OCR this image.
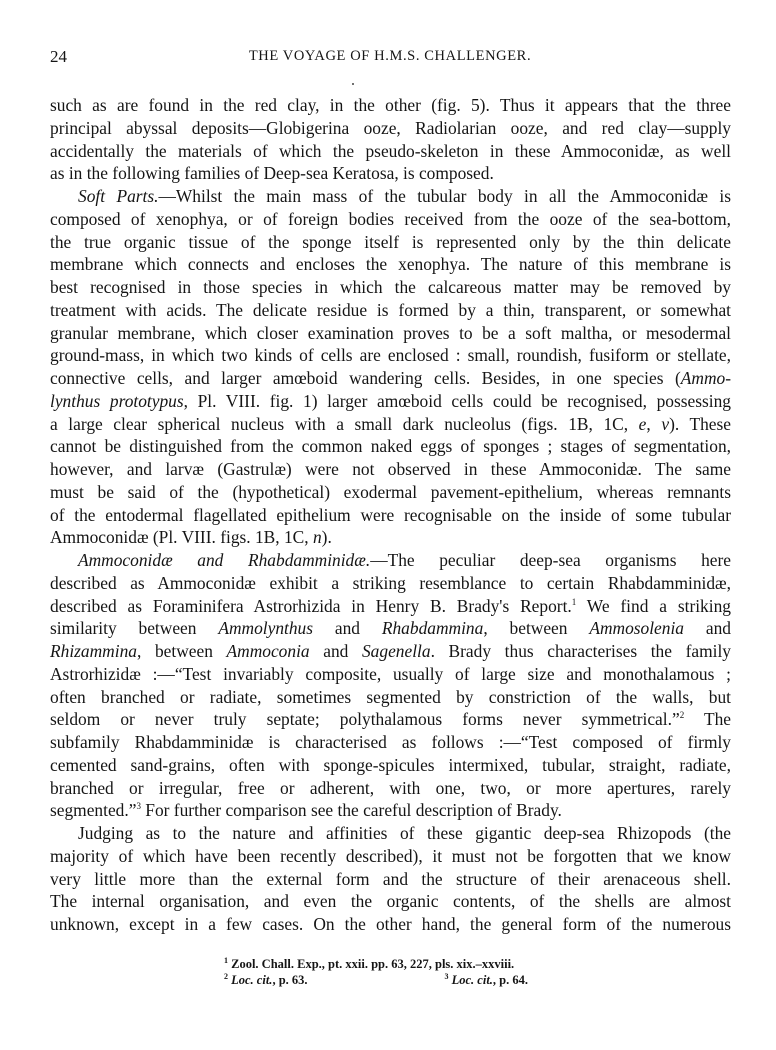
24	THE VOYAGE OF H.M.S. CHALLENGER.
such as are found in the red clay, in the other (fig. 5). Thus it appears that the three
principal abyssal deposits—Globigerina ooze, Radiolarian ooze, and red clay—supply
accidentally the materials of which the pseudo-skeleton in these Ammoconidæ, as well
as in the following families of Deep-sea Keratosa, is composed.
Soft Parts.—Whilst the main mass of the tubular body in all the Ammoconidæ is
composed of xenophya, or of foreign bodies received from the ooze of the sea-bottom,
the true organic tissue of the sponge itself is represented only by the thin delicate
membrane which connects and encloses the xenophya. The nature of this membrane is
best recognised in those species in which the calcareous matter may be removed by
treatment with acids. The delicate residue is formed by a thin, transparent, or somewhat
granular membrane, which closer examination proves to be a soft maltha, or mesodermal
ground-mass, in which two kinds of cells are enclosed : small, roundish, fusiform or stellate,
connective cells, and larger amœboid wandering cells. Besides, in one species (Ammo-
lynthus prototypus, Pl. VIII. fig. 1) larger amœboid cells could be recognised, possessing
a large clear spherical nucleus with a small dark nucleolus (figs. 1B, 1C, e, v). These
cannot be distinguished from the common naked eggs of sponges ; stages of segmentation,
however, and larvæ (Gastrulæ) were not observed in these Ammoconidæ. The same
must be said of the (hypothetical) exodermal pavement-epithelium, whereas remnants
of the entodermal flagellated epithelium were recognisable on the inside of some tubular
Ammoconidæ (Pl. VIII. figs. 1B, 1C, n).
Ammoconidæ and Rhabdamminidæ.—The peculiar deep-sea organisms here
described as Ammoconidæ exhibit a striking resemblance to certain Rhabdamminidæ,
described as Foraminifera Astrorhizida in Henry B. Brady's Report.$^1$ We find a striking
similarity between Ammolynthus and Rhabdammina, between Ammosolenia and
Rhizammina, between Ammoconia and Sagenella. Brady thus characterises the family
Astrorhizidæ :—“Test invariably composite, usually of large size and monothalamous ;
often branched or radiate, sometimes segmented by constriction of the walls, but
seldom or never truly septate; polythalamous forms never symmetrical.”$^2$ The
subfamily Rhabdamminidæ is characterised as follows :—“Test composed of firmly
cemented sand-grains, often with sponge-spicules intermixed, tubular, straight, radiate,
branched or irregular, free or adherent, with one, two, or more apertures, rarely
segmented.”$^3$ For further comparison see the careful description of Brady.
Judging as to the nature and affinities of these gigantic deep-sea Rhizopods (the
majority of which have been recently described), it must not be forgotten that we know
very little more than the external form and the structure of their arenaceous shell.
The internal organisation, and even the organic contents, of the shells are almost
unknown, except in a few cases. On the other hand, the general form of the numerous
$^1$ Zool. Chall. Exp., pt. xxii. pp. 63, 227, pls. xix.–xxviii.
$^2$ Loc. cit., p. 63.	$^3$ Loc. cit., p. 64.
